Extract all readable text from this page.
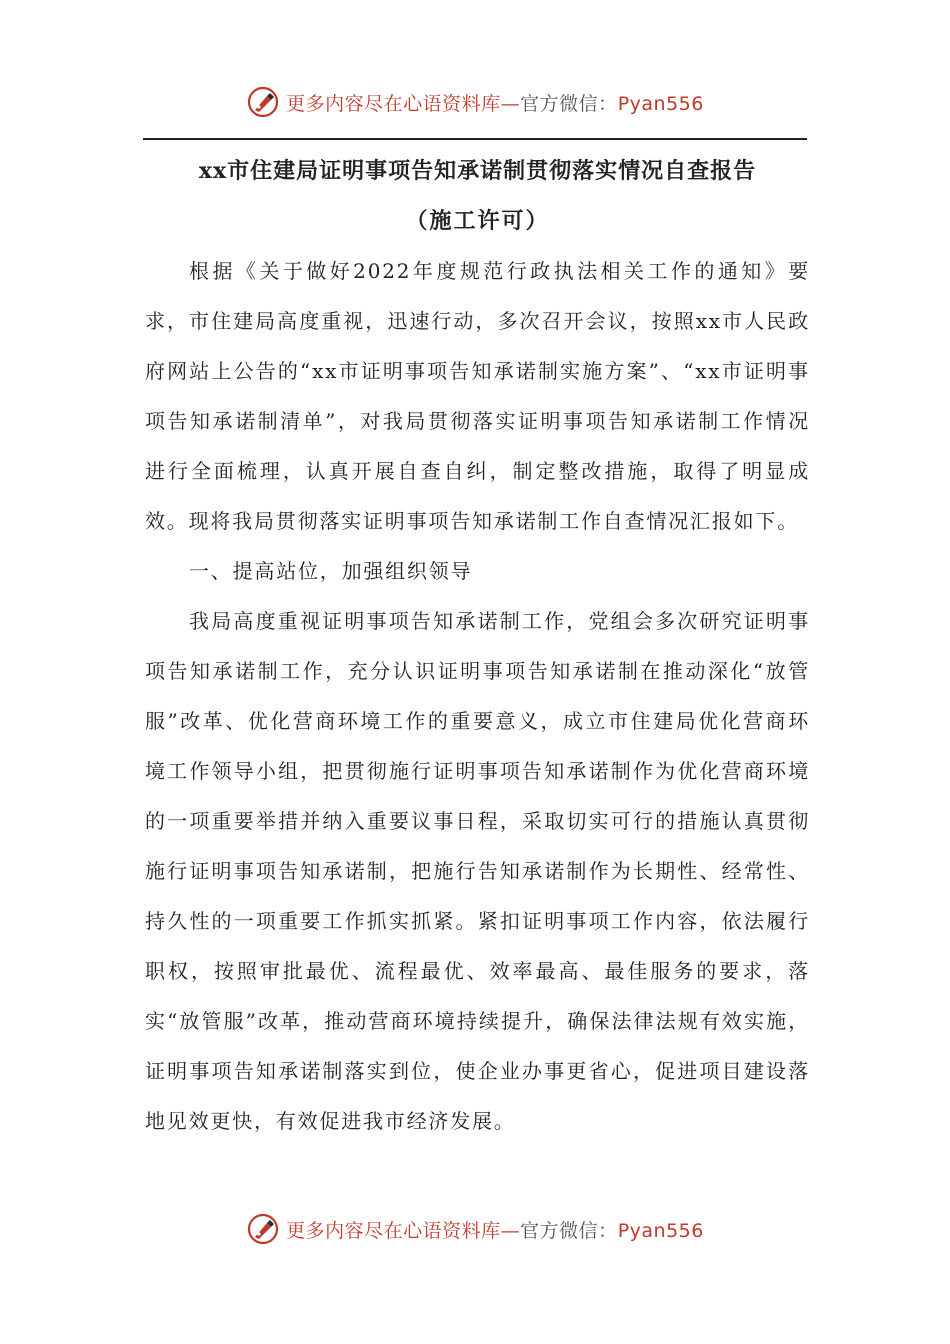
更多内容尽在心语资料库—官方微信：Pyan556
xx市住建局证明事项告知承诺制贯彻落实情况自查报告
（施工许可）

根据《关于做好2022年度规范行政执法相关工作的通知》要求，市住建局高度重视，迅速行动，多次召开会议，按照xx市人民政府网站上公告的“xx市证明事项告知承诺制实施方案”、“xx市证明事项告知承诺制清单”，对我局贯彻落实证明事项告知承诺制工作情况进行全面梳理，认真开展自查自纠，制定整改措施，取得了明显成效。现将我局贯彻落实证明事项告知承诺制工作自查情况汇报如下。

一、提高站位，加强组织领导

我局高度重视证明事项告知承诺制工作，党组会多次研究证明事项告知承诺制工作，充分认识证明事项告知承诺制在推动深化“放管服”改革、优化营商环境工作的重要意义，成立市住建局优化营商环境工作领导小组，把贯彻施行证明事项告知承诺制作为优化营商环境的一项重要举措并纳入重要议事日程，采取切实可行的措施认真贯彻施行证明事项告知承诺制，把施行告知承诺制作为长期性、经常性、持久性的一项重要工作抓实抓紧。紧扣证明事项工作内容，依法履行职权，按照审批最优、流程最优、效率最高、最佳服务的要求，落实“放管服”改革，推动营商环境持续提升，确保法律法规有效实施，证明事项告知承诺制落实到位，使企业办事更省心，促进项目建设落地见效更快，有效促进我市经济发展。

更多内容尽在心语资料库—官方微信：Pyan556
